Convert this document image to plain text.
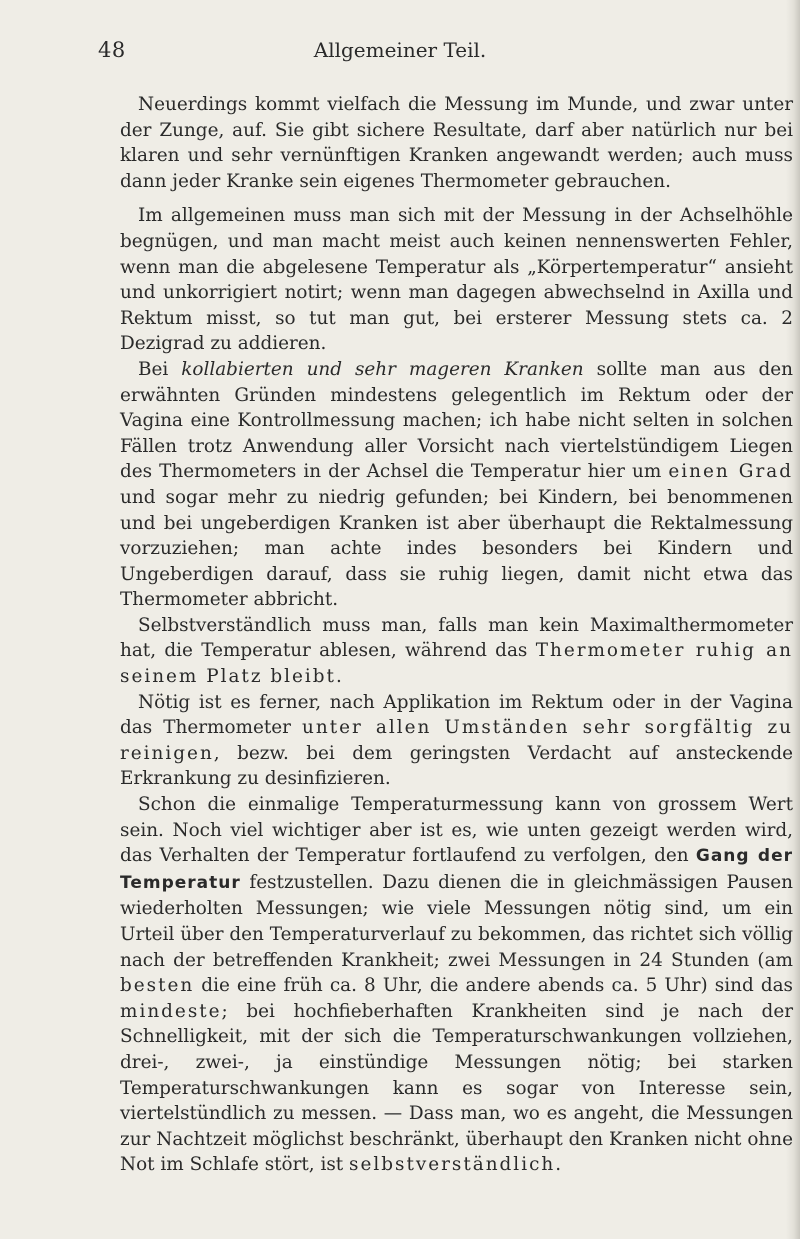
48	Allgemeiner Teil.

Neuerdings kommt vielfach die Messung im Munde, und zwar unter der Zunge, auf. Sie gibt sichere Resultate, darf aber natürlich nur bei klaren und sehr vernünftigen Kranken angewandt werden; auch muss dann jeder Kranke sein eigenes Thermometer gebrauchen.

Im allgemeinen muss man sich mit der Messung in der Achselhöhle begnügen, und man macht meist auch keinen nennenswerten Fehler, wenn man die abgelesene Temperatur als „Körpertemperatur“ ansieht und unkorrigiert notirt; wenn man dagegen abwechselnd in Axilla und Rektum misst, so tut man gut, bei ersterer Messung stets ca. 2 Dezigrad zu addieren.

Bei kollabierten und sehr mageren Kranken sollte man aus den erwähnten Gründen mindestens gelegentlich im Rektum oder der Vagina eine Kontrollmessung machen; ich habe nicht selten in solchen Fällen trotz Anwendung aller Vorsicht nach viertelstündigem Liegen des Thermometers in der Achsel die Temperatur hier um einen Grad und sogar mehr zu niedrig gefunden; bei Kindern, bei benommenen und bei ungeberdigen Kranken ist aber überhaupt die Rektalmessung vorzuziehen; man achte indes besonders bei Kindern und Ungeberdigen darauf, dass sie ruhig liegen, damit nicht etwa das Thermometer abbricht.

Selbstverständlich muss man, falls man kein Maximalthermometer hat, die Temperatur ablesen, während das Thermometer ruhig an seinem Platz bleibt.

Nötig ist es ferner, nach Applikation im Rektum oder in der Vagina das Thermometer unter allen Umständen sehr sorgfältig zu reinigen, bezw. bei dem geringsten Verdacht auf ansteckende Erkrankung zu desinfizieren.

Schon die einmalige Temperaturmessung kann von grossem Wert sein. Noch viel wichtiger aber ist es, wie unten gezeigt werden wird, das Verhalten der Temperatur fortlaufend zu verfolgen, den Gang der Temperatur festzustellen. Dazu dienen die in gleichmässigen Pausen wiederholten Messungen; wie viele Messungen nötig sind, um ein Urteil über den Temperaturverlauf zu bekommen, das richtet sich völlig nach der betreffenden Krankheit; zwei Messungen in 24 Stunden (am besten die eine früh ca. 8 Uhr, die andere abends ca. 5 Uhr) sind das mindeste; bei hochfieberhaften Krankheiten sind je nach der Schnelligkeit, mit der sich die Temperaturschwankungen vollziehen, drei-, zwei-, ja einstündige Messungen nötig; bei starken Temperaturschwankungen kann es sogar von Interesse sein, viertelstündlich zu messen. — Dass man, wo es angeht, die Messungen zur Nachtzeit möglichst beschränkt, überhaupt den Kranken nicht ohne Not im Schlafe stört, ist selbstverständlich.
